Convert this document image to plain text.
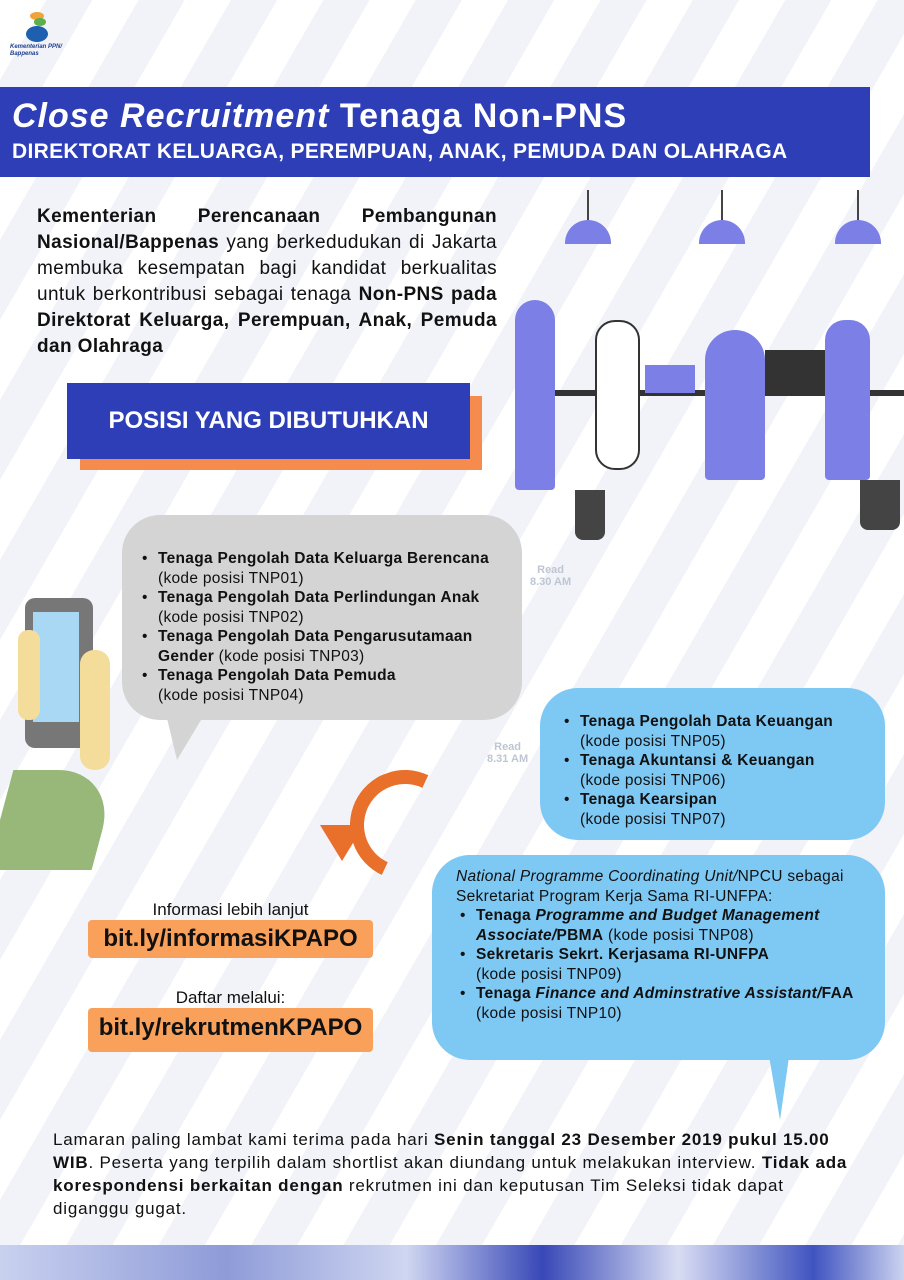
Kementerian PPN/ Bappenas
Close Recruitment Tenaga Non-PNS
DIREKTORAT KELUARGA, PEREMPUAN, ANAK, PEMUDA DAN OLAHRAGA
Kementerian Perencanaan Pembangunan Nasional/Bappenas yang berkedudukan di Jakarta membuka kesempatan bagi kandidat berkualitas untuk berkontribusi sebagai tenaga Non-PNS pada Direktorat Keluarga, Perempuan, Anak, Pemuda dan Olahraga
POSISI YANG DIBUTUHKAN
• Tenaga Pengolah Data Keluarga Berencana
(kode posisi TNP01)
• Tenaga Pengolah Data Perlindungan Anak
(kode posisi TNP02)
• Tenaga Pengolah Data Pengarusutamaan Gender (kode posisi TNP03)
• Tenaga Pengolah Data Pemuda
(kode posisi TNP04)
Read
8.30 AM
• Tenaga Pengolah Data Keuangan
(kode posisi TNP05)
• Tenaga Akuntansi & Keuangan
(kode posisi TNP06)
• Tenaga Kearsipan
(kode posisi TNP07)
Read
8.31 AM
National Programme Coordinating Unit/NPCU sebagai Sekretariat Program Kerja Sama RI-UNFPA:
• Tenaga Programme and Budget Management Associate/PBMA (kode posisi TNP08)
• Sekretaris Sekrt. Kerjasama RI-UNFPA
(kode posisi TNP09)
• Tenaga Finance and Adminstrative Assistant/FAA (kode posisi TNP10)
Informasi lebih lanjut
bit.ly/informasiKPAPO
Daftar melalui:
bit.ly/rekrutmenKPAPO
Lamaran paling lambat kami terima pada hari Senin tanggal 23 Desember 2019 pukul 15.00 WIB. Peserta yang terpilih dalam shortlist akan diundang untuk melakukan interview. Tidak ada korespondensi berkaitan dengan rekrutmen ini dan keputusan Tim Seleksi tidak dapat diganggu gugat.
